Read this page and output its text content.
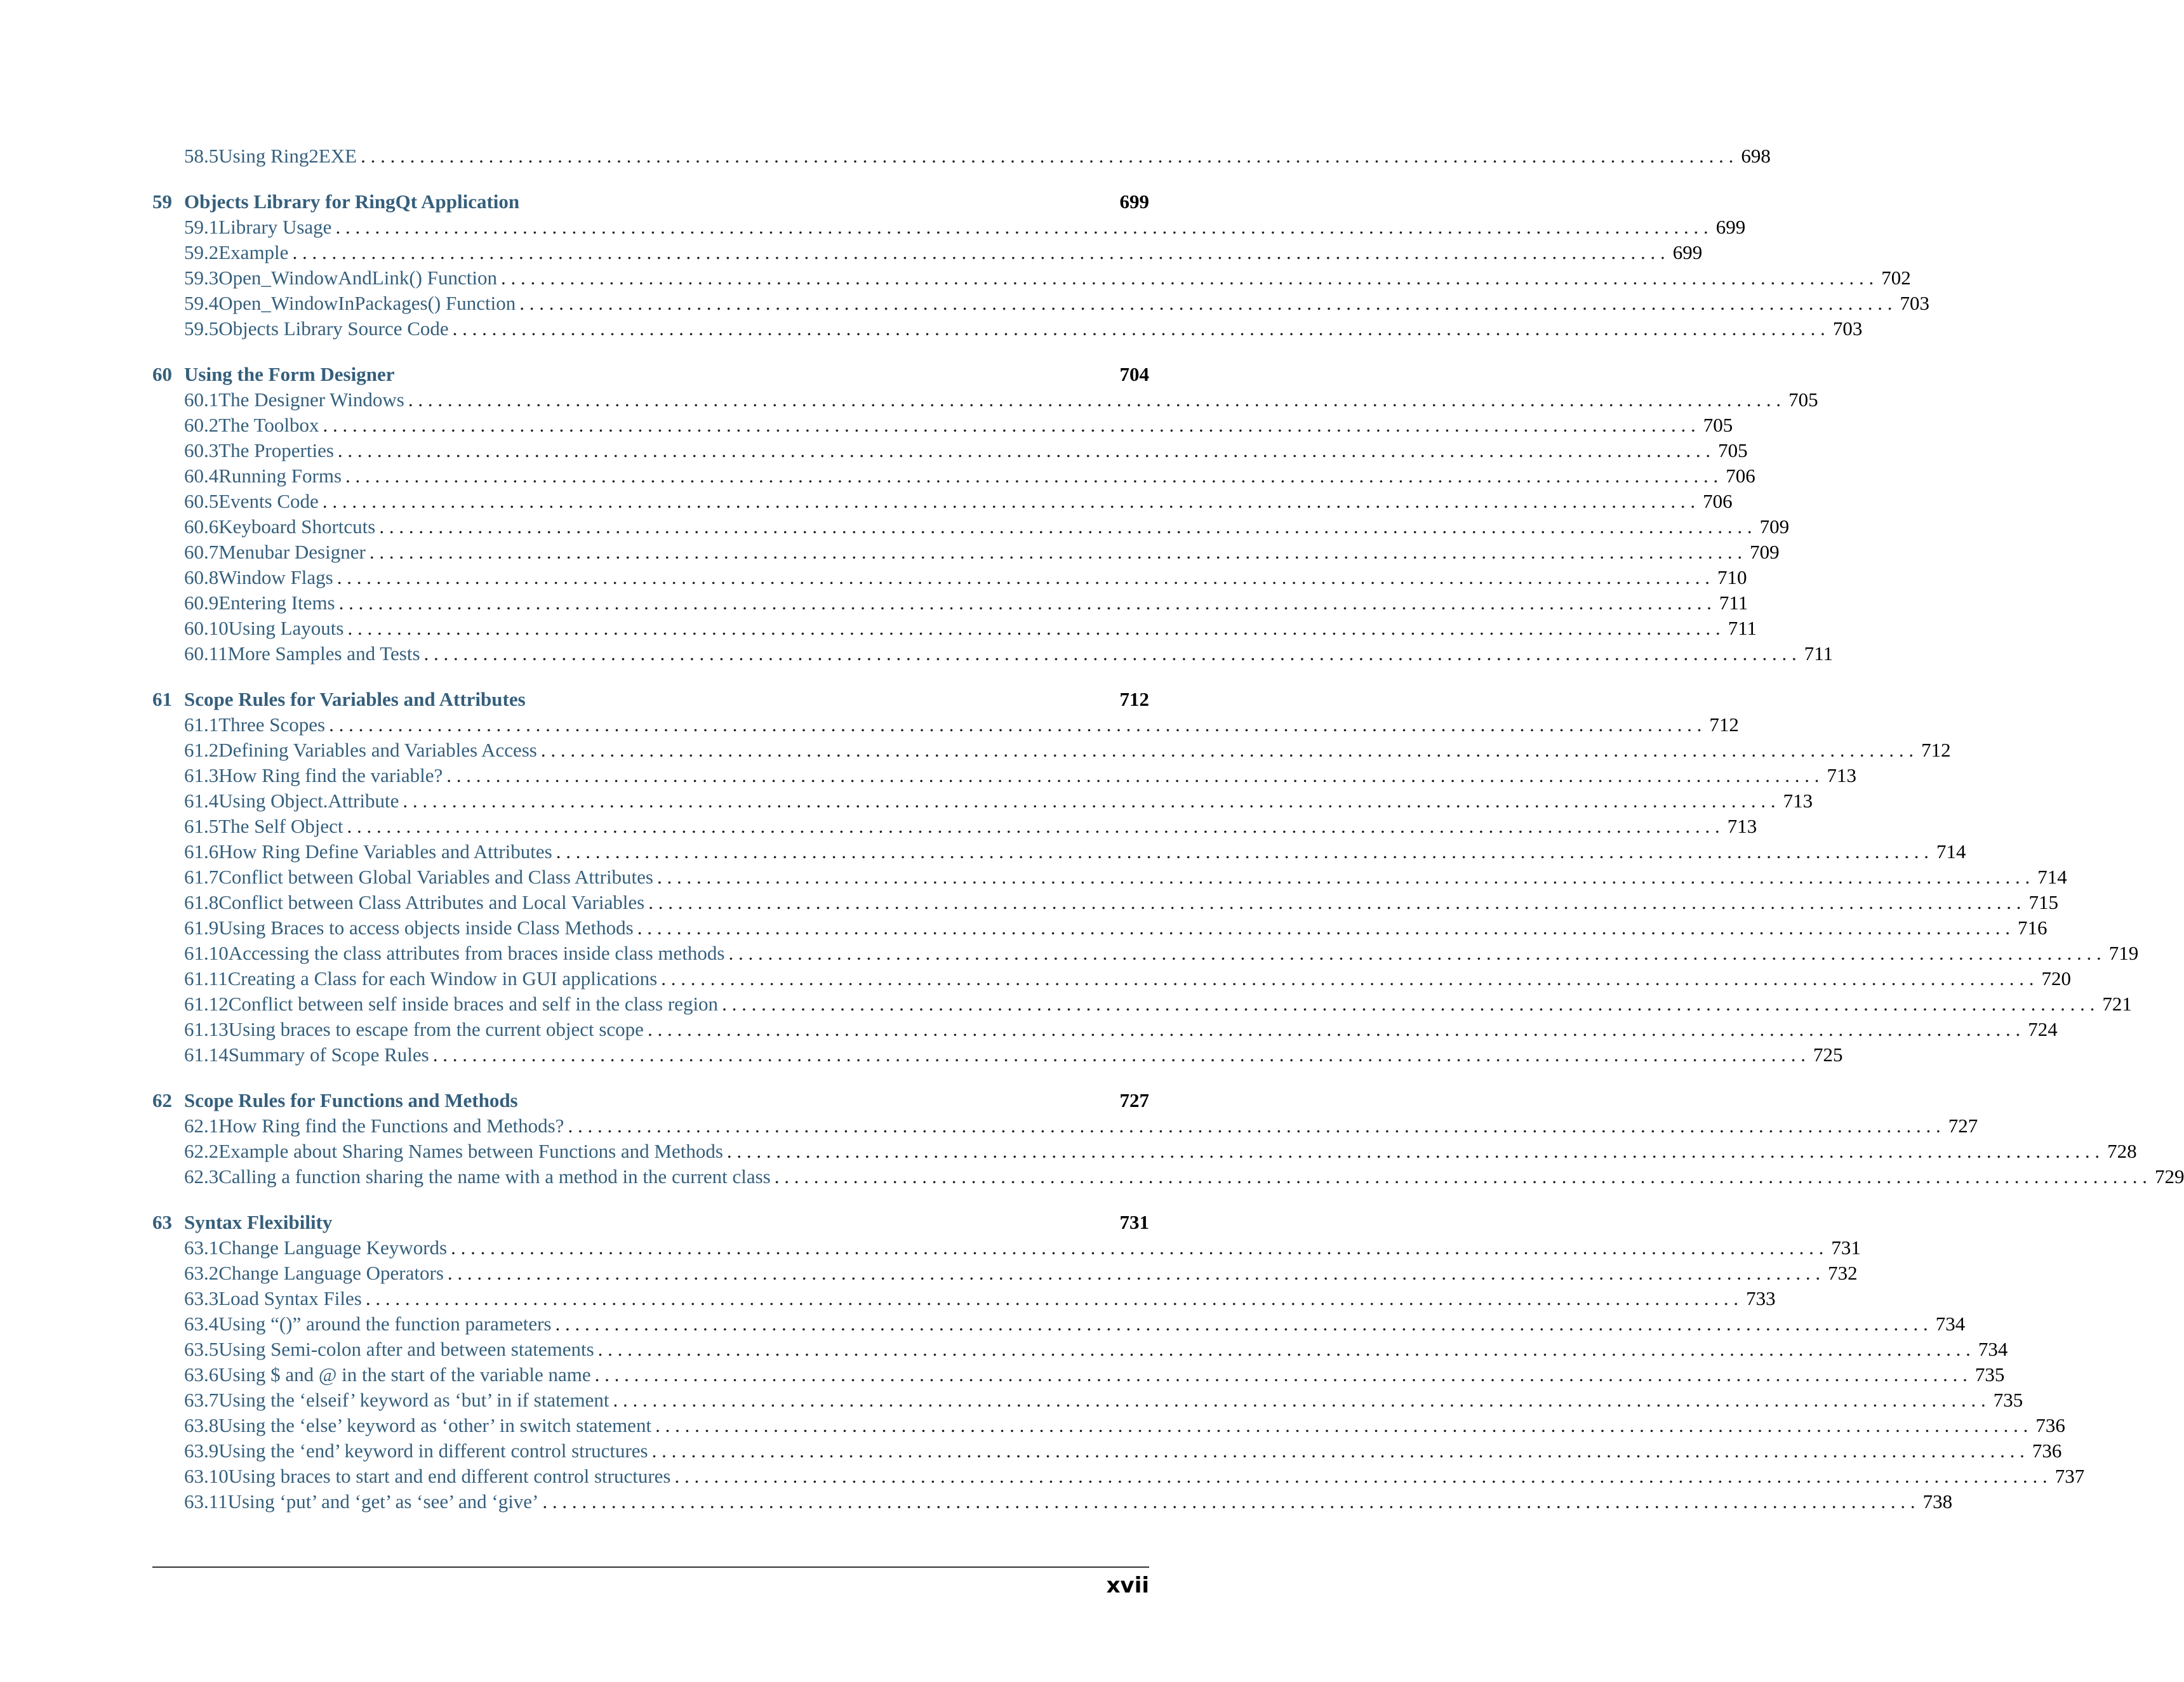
58.5 Using Ring2EXE . . . . . . . . . . . . . . . . . . . . . . . . . . . . . . . . . . . . . . . . . . . . . . . . . . . . . . . . . . . . . . . . . . . . . . . . . . . . . . . . . . . . . . . . . . . . . . . . . . . . . . . . . . . . . . . . . . . . . . . . . . . . . . . . . . . . . . . . . . . . 698
59 Objects Library for RingQt Application	699
59.1 Library Usage . . . . . . . . . . . . . . . . . . . . . . . . . . . . . . . . . . . . . . . . . . . . . . . . . . . . . . . . . . . . . . . . . . . . . . . . . . . . . . . . . . . . . . . . . . . . . . . . . . . . . . . . . . . . . . . . . . . . . . . . . . . . . . . . . . . . . . . . . . . . 699
59.2 Example . . . . . . . . . . . . . . . . . . . . . . . . . . . . . . . . . . . . . . . . . . . . . . . . . . . . . . . . . . . . . . . . . . . . . . . . . . . . . . . . . . . . . . . . . . . . . . . . . . . . . . . . . . . . . . . . . . . . . . . . . . . . . . . . . . . . . . . . . . . . 699
59.3 Open_WindowAndLink() Function . . . . . . . . . . . . . . . . . . . . . . . . . . . . . . . . . . . . . . . . . . . . . . . . . . . . . . . . . . . . . . . . . . . . . . . . . . . . . . . . . . . . . . . . . . . . . . . . . . . . . . . . . . . . . . . . . . . . . . . . . . . . . . . . . . . . . . . . . . . . 702
59.4 Open_WindowInPackages() Function . . . . . . . . . . . . . . . . . . . . . . . . . . . . . . . . . . . . . . . . . . . . . . . . . . . . . . . . . . . . . . . . . . . . . . . . . . . . . . . . . . . . . . . . . . . . . . . . . . . . . . . . . . . . . . . . . . . . . . . . . . . . . . . . . . . . . . . . . . . . 703
59.5 Objects Library Source Code . . . . . . . . . . . . . . . . . . . . . . . . . . . . . . . . . . . . . . . . . . . . . . . . . . . . . . . . . . . . . . . . . . . . . . . . . . . . . . . . . . . . . . . . . . . . . . . . . . . . . . . . . . . . . . . . . . . . . . . . . . . . . . . . . . . . . . . . . . . . 703
60 Using the Form Designer	704
60.1 The Designer Windows . . . . . . . . . . . . . . . . . . . . . . . . . . . . . . . . . . . . . . . . . . . . . . . . . . . . . . . . . . . . . . . . . . . . . . . . . . . . . . . . . . . . . . . . . . . . . . . . . . . . . . . . . . . . . . . . . . . . . . . . . . . . . . . . . . . . . . . . . . . . 705
60.2 The Toolbox . . . . . . . . . . . . . . . . . . . . . . . . . . . . . . . . . . . . . . . . . . . . . . . . . . . . . . . . . . . . . . . . . . . . . . . . . . . . . . . . . . . . . . . . . . . . . . . . . . . . . . . . . . . . . . . . . . . . . . . . . . . . . . . . . . . . . . . . . . . . 705
60.3 The Properties . . . . . . . . . . . . . . . . . . . . . . . . . . . . . . . . . . . . . . . . . . . . . . . . . . . . . . . . . . . . . . . . . . . . . . . . . . . . . . . . . . . . . . . . . . . . . . . . . . . . . . . . . . . . . . . . . . . . . . . . . . . . . . . . . . . . . . . . . . . . 705
60.4 Running Forms . . . . . . . . . . . . . . . . . . . . . . . . . . . . . . . . . . . . . . . . . . . . . . . . . . . . . . . . . . . . . . . . . . . . . . . . . . . . . . . . . . . . . . . . . . . . . . . . . . . . . . . . . . . . . . . . . . . . . . . . . . . . . . . . . . . . . . . . . . . . 706
60.5 Events Code . . . . . . . . . . . . . . . . . . . . . . . . . . . . . . . . . . . . . . . . . . . . . . . . . . . . . . . . . . . . . . . . . . . . . . . . . . . . . . . . . . . . . . . . . . . . . . . . . . . . . . . . . . . . . . . . . . . . . . . . . . . . . . . . . . . . . . . . . . . . 706
60.6 Keyboard Shortcuts . . . . . . . . . . . . . . . . . . . . . . . . . . . . . . . . . . . . . . . . . . . . . . . . . . . . . . . . . . . . . . . . . . . . . . . . . . . . . . . . . . . . . . . . . . . . . . . . . . . . . . . . . . . . . . . . . . . . . . . . . . . . . . . . . . . . . . . . . . . . 709
60.7 Menubar Designer . . . . . . . . . . . . . . . . . . . . . . . . . . . . . . . . . . . . . . . . . . . . . . . . . . . . . . . . . . . . . . . . . . . . . . . . . . . . . . . . . . . . . . . . . . . . . . . . . . . . . . . . . . . . . . . . . . . . . . . . . . . . . . . . . . . . . . . . . . . . 709
60.8 Window Flags . . . . . . . . . . . . . . . . . . . . . . . . . . . . . . . . . . . . . . . . . . . . . . . . . . . . . . . . . . . . . . . . . . . . . . . . . . . . . . . . . . . . . . . . . . . . . . . . . . . . . . . . . . . . . . . . . . . . . . . . . . . . . . . . . . . . . . . . . . . . 710
60.9 Entering Items . . . . . . . . . . . . . . . . . . . . . . . . . . . . . . . . . . . . . . . . . . . . . . . . . . . . . . . . . . . . . . . . . . . . . . . . . . . . . . . . . . . . . . . . . . . . . . . . . . . . . . . . . . . . . . . . . . . . . . . . . . . . . . . . . . . . . . . . . . . . 711
60.10 Using Layouts . . . . . . . . . . . . . . . . . . . . . . . . . . . . . . . . . . . . . . . . . . . . . . . . . . . . . . . . . . . . . . . . . . . . . . . . . . . . . . . . . . . . . . . . . . . . . . . . . . . . . . . . . . . . . . . . . . . . . . . . . . . . . . . . . . . . . . . . . . . . 711
60.11 More Samples and Tests . . . . . . . . . . . . . . . . . . . . . . . . . . . . . . . . . . . . . . . . . . . . . . . . . . . . . . . . . . . . . . . . . . . . . . . . . . . . . . . . . . . . . . . . . . . . . . . . . . . . . . . . . . . . . . . . . . . . . . . . . . . . . . . . . . . . . . . . . . . . 711
61 Scope Rules for Variables and Attributes	712
61.1 Three Scopes . . . . . . . . . . . . . . . . . . . . . . . . . . . . . . . . . . . . . . . . . . . . . . . . . . . . . . . . . . . . . . . . . . . . . . . . . . . . . . . . . . . . . . . . . . . . . . . . . . . . . . . . . . . . . . . . . . . . . . . . . . . . . . . . . . . . . . . . . . . . 712
61.2 Defining Variables and Variables Access . . . . . . . . . . . . . . . . . . . . . . . . . . . . . . . . . . . . . . . . . . . . . . . . . . . . . . . . . . . . . . . . . . . . . . . . . . . . . . . . . . . . . . . . . . . . . . . . . . . . . . . . . . . . . . . . . . . . . . . . . . . . . . . . . . . . . . . . . . . . 712
61.3 How Ring find the variable? . . . . . . . . . . . . . . . . . . . . . . . . . . . . . . . . . . . . . . . . . . . . . . . . . . . . . . . . . . . . . . . . . . . . . . . . . . . . . . . . . . . . . . . . . . . . . . . . . . . . . . . . . . . . . . . . . . . . . . . . . . . . . . . . . . . . . . . . . . . . 713
61.4 Using Object.Attribute . . . . . . . . . . . . . . . . . . . . . . . . . . . . . . . . . . . . . . . . . . . . . . . . . . . . . . . . . . . . . . . . . . . . . . . . . . . . . . . . . . . . . . . . . . . . . . . . . . . . . . . . . . . . . . . . . . . . . . . . . . . . . . . . . . . . . . . . . . . . 713
61.5 The Self Object . . . . . . . . . . . . . . . . . . . . . . . . . . . . . . . . . . . . . . . . . . . . . . . . . . . . . . . . . . . . . . . . . . . . . . . . . . . . . . . . . . . . . . . . . . . . . . . . . . . . . . . . . . . . . . . . . . . . . . . . . . . . . . . . . . . . . . . . . . . . 713
61.6 How Ring Define Variables and Attributes . . . . . . . . . . . . . . . . . . . . . . . . . . . . . . . . . . . . . . . . . . . . . . . . . . . . . . . . . . . . . . . . . . . . . . . . . . . . . . . . . . . . . . . . . . . . . . . . . . . . . . . . . . . . . . . . . . . . . . . . . . . . . . . . . . . . . . . . . . . . 714
61.7 Conflict between Global Variables and Class Attributes . . . . . . . . . . . . . . . . . . . . . . . . . . . . . . . . . . . . . . . . . . . . . . . . . . . . . . . . . . . . . . . . . . . . . . . . . . . . . . . . . . . . . . . . . . . . . . . . . . . . . . . . . . . . . . . . . . . . . . . . . . . . . . . . . . . . . . . . . . . . 714
61.8 Conflict between Class Attributes and Local Variables . . . . . . . . . . . . . . . . . . . . . . . . . . . . . . . . . . . . . . . . . . . . . . . . . . . . . . . . . . . . . . . . . . . . . . . . . . . . . . . . . . . . . . . . . . . . . . . . . . . . . . . . . . . . . . . . . . . . . . . . . . . . . . . . . . . . . . . . . . . . 715
61.9 Using Braces to access objects inside Class Methods . . . . . . . . . . . . . . . . . . . . . . . . . . . . . . . . . . . . . . . . . . . . . . . . . . . . . . . . . . . . . . . . . . . . . . . . . . . . . . . . . . . . . . . . . . . . . . . . . . . . . . . . . . . . . . . . . . . . . . . . . . . . . . . . . . . . . . . . . . . . 716
61.10 Accessing the class attributes from braces inside class methods . . . . . . . . . . . . . . . . . . . . . . . . . . . . . . . . . . . . . . . . . . . . . . . . . . . . . . . . . . . . . . . . . . . . . . . . . . . . . . . . . . . . . . . . . . . . . . . . . . . . . . . . . . . . . . . . . . . . . . . . . . . . . . . . . . . . . . . . . . . . 719
61.11 Creating a Class for each Window in GUI applications . . . . . . . . . . . . . . . . . . . . . . . . . . . . . . . . . . . . . . . . . . . . . . . . . . . . . . . . . . . . . . . . . . . . . . . . . . . . . . . . . . . . . . . . . . . . . . . . . . . . . . . . . . . . . . . . . . . . . . . . . . . . . . . . . . . . . . . . . . . . 720
61.12 Conflict between self inside braces and self in the class region . . . . . . . . . . . . . . . . . . . . . . . . . . . . . . . . . . . . . . . . . . . . . . . . . . . . . . . . . . . . . . . . . . . . . . . . . . . . . . . . . . . . . . . . . . . . . . . . . . . . . . . . . . . . . . . . . . . . . . . . . . . . . . . . . . . . . . . . . . . . 721
61.13 Using braces to escape from the current object scope . . . . . . . . . . . . . . . . . . . . . . . . . . . . . . . . . . . . . . . . . . . . . . . . . . . . . . . . . . . . . . . . . . . . . . . . . . . . . . . . . . . . . . . . . . . . . . . . . . . . . . . . . . . . . . . . . . . . . . . . . . . . . . . . . . . . . . . . . . . . 724
61.14 Summary of Scope Rules . . . . . . . . . . . . . . . . . . . . . . . . . . . . . . . . . . . . . . . . . . . . . . . . . . . . . . . . . . . . . . . . . . . . . . . . . . . . . . . . . . . . . . . . . . . . . . . . . . . . . . . . . . . . . . . . . . . . . . . . . . . . . . . . . . . . . . . . . . . . 725
62 Scope Rules for Functions and Methods	727
62.1 How Ring find the Functions and Methods? . . . . . . . . . . . . . . . . . . . . . . . . . . . . . . . . . . . . . . . . . . . . . . . . . . . . . . . . . . . . . . . . . . . . . . . . . . . . . . . . . . . . . . . . . . . . . . . . . . . . . . . . . . . . . . . . . . . . . . . . . . . . . . . . . . . . . . . . . . . . 727
62.2 Example about Sharing Names between Functions and Methods . . . . . . . . . . . . . . . . . . . . . . . . . . . . . . . . . . . . . . . . . . . . . . . . . . . . . . . . . . . . . . . . . . . . . . . . . . . . . . . . . . . . . . . . . . . . . . . . . . . . . . . . . . . . . . . . . . . . . . . . . . . . . . . . . . . . . . . . . . . . 728
62.3 Calling a function sharing the name with a method in the current class . . . . . . . . . . . . . . . . . . . . . . . . . . . . . . . . . . . . . . . . . . . . . . . . . . . . . . . . . . . . . . . . . . . . . . . . . . . . . . . . . . . . . . . . . . . . . . . . . . . . . . . . . . . . . . . . . . . . . . . . . . . . . . . . . . . . . . . . . . . . 729
63 Syntax Flexibility	731
63.1 Change Language Keywords . . . . . . . . . . . . . . . . . . . . . . . . . . . . . . . . . . . . . . . . . . . . . . . . . . . . . . . . . . . . . . . . . . . . . . . . . . . . . . . . . . . . . . . . . . . . . . . . . . . . . . . . . . . . . . . . . . . . . . . . . . . . . . . . . . . . . . . . . . . . 731
63.2 Change Language Operators . . . . . . . . . . . . . . . . . . . . . . . . . . . . . . . . . . . . . . . . . . . . . . . . . . . . . . . . . . . . . . . . . . . . . . . . . . . . . . . . . . . . . . . . . . . . . . . . . . . . . . . . . . . . . . . . . . . . . . . . . . . . . . . . . . . . . . . . . . . . 732
63.3 Load Syntax Files . . . . . . . . . . . . . . . . . . . . . . . . . . . . . . . . . . . . . . . . . . . . . . . . . . . . . . . . . . . . . . . . . . . . . . . . . . . . . . . . . . . . . . . . . . . . . . . . . . . . . . . . . . . . . . . . . . . . . . . . . . . . . . . . . . . . . . . . . . . . 733
63.4 Using “()” around the function parameters . . . . . . . . . . . . . . . . . . . . . . . . . . . . . . . . . . . . . . . . . . . . . . . . . . . . . . . . . . . . . . . . . . . . . . . . . . . . . . . . . . . . . . . . . . . . . . . . . . . . . . . . . . . . . . . . . . . . . . . . . . . . . . . . . . . . . . . . . . . . 734
63.5 Using Semi-colon after and between statements . . . . . . . . . . . . . . . . . . . . . . . . . . . . . . . . . . . . . . . . . . . . . . . . . . . . . . . . . . . . . . . . . . . . . . . . . . . . . . . . . . . . . . . . . . . . . . . . . . . . . . . . . . . . . . . . . . . . . . . . . . . . . . . . . . . . . . . . . . . . 734
63.6 Using $ and @ in the start of the variable name . . . . . . . . . . . . . . . . . . . . . . . . . . . . . . . . . . . . . . . . . . . . . . . . . . . . . . . . . . . . . . . . . . . . . . . . . . . . . . . . . . . . . . . . . . . . . . . . . . . . . . . . . . . . . . . . . . . . . . . . . . . . . . . . . . . . . . . . . . . . 735
63.7 Using the ‘elseif’ keyword as ‘but’ in if statement . . . . . . . . . . . . . . . . . . . . . . . . . . . . . . . . . . . . . . . . . . . . . . . . . . . . . . . . . . . . . . . . . . . . . . . . . . . . . . . . . . . . . . . . . . . . . . . . . . . . . . . . . . . . . . . . . . . . . . . . . . . . . . . . . . . . . . . . . . . . 735
63.8 Using the ‘else’ keyword as ‘other’ in switch statement . . . . . . . . . . . . . . . . . . . . . . . . . . . . . . . . . . . . . . . . . . . . . . . . . . . . . . . . . . . . . . . . . . . . . . . . . . . . . . . . . . . . . . . . . . . . . . . . . . . . . . . . . . . . . . . . . . . . . . . . . . . . . . . . . . . . . . . . . . . . 736
63.9 Using the ‘end’ keyword in different control structures . . . . . . . . . . . . . . . . . . . . . . . . . . . . . . . . . . . . . . . . . . . . . . . . . . . . . . . . . . . . . . . . . . . . . . . . . . . . . . . . . . . . . . . . . . . . . . . . . . . . . . . . . . . . . . . . . . . . . . . . . . . . . . . . . . . . . . . . . . . . 736
63.10 Using braces to start and end different control structures . . . . . . . . . . . . . . . . . . . . . . . . . . . . . . . . . . . . . . . . . . . . . . . . . . . . . . . . . . . . . . . . . . . . . . . . . . . . . . . . . . . . . . . . . . . . . . . . . . . . . . . . . . . . . . . . . . . . . . . . . . . . . . . . . . . . . . . . . . . . 737
63.11 Using ‘put’ and ‘get’ as ‘see’ and ‘give’ . . . . . . . . . . . . . . . . . . . . . . . . . . . . . . . . . . . . . . . . . . . . . . . . . . . . . . . . . . . . . . . . . . . . . . . . . . . . . . . . . . . . . . . . . . . . . . . . . . . . . . . . . . . . . . . . . . . . . . . . . . . . . . . . . . . . . . . . . . . . 738
xvii
